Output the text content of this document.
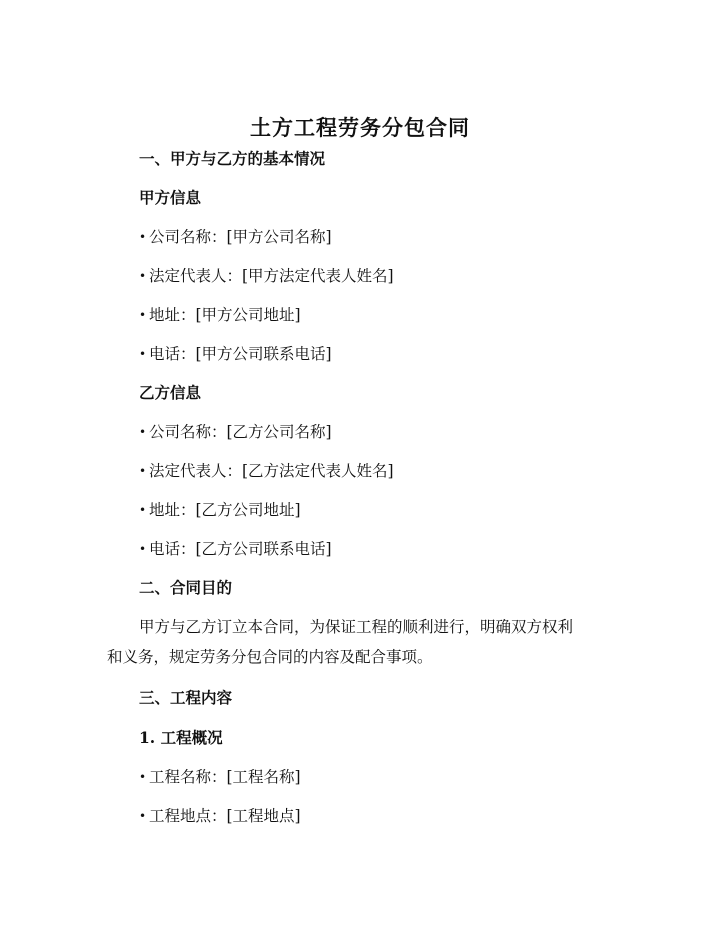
土方工程劳务分包合同

一、甲方与乙方的基本情况

甲方信息

• 公司名称：[甲方公司名称]

• 法定代表人：[甲方法定代表人姓名]

• 地址：[甲方公司地址]

• 电话：[甲方公司联系电话]

乙方信息

• 公司名称：[乙方公司名称]

• 法定代表人：[乙方法定代表人姓名]

• 地址：[乙方公司地址]

• 电话：[乙方公司联系电话]

二、合同目的

甲方与乙方订立本合同，为保证工程的顺利进行，明确双方权利
和义务，规定劳务分包合同的内容及配合事项。

三、工程内容

1. 工程概况

• 工程名称：[工程名称]

• 工程地点：[工程地点]
